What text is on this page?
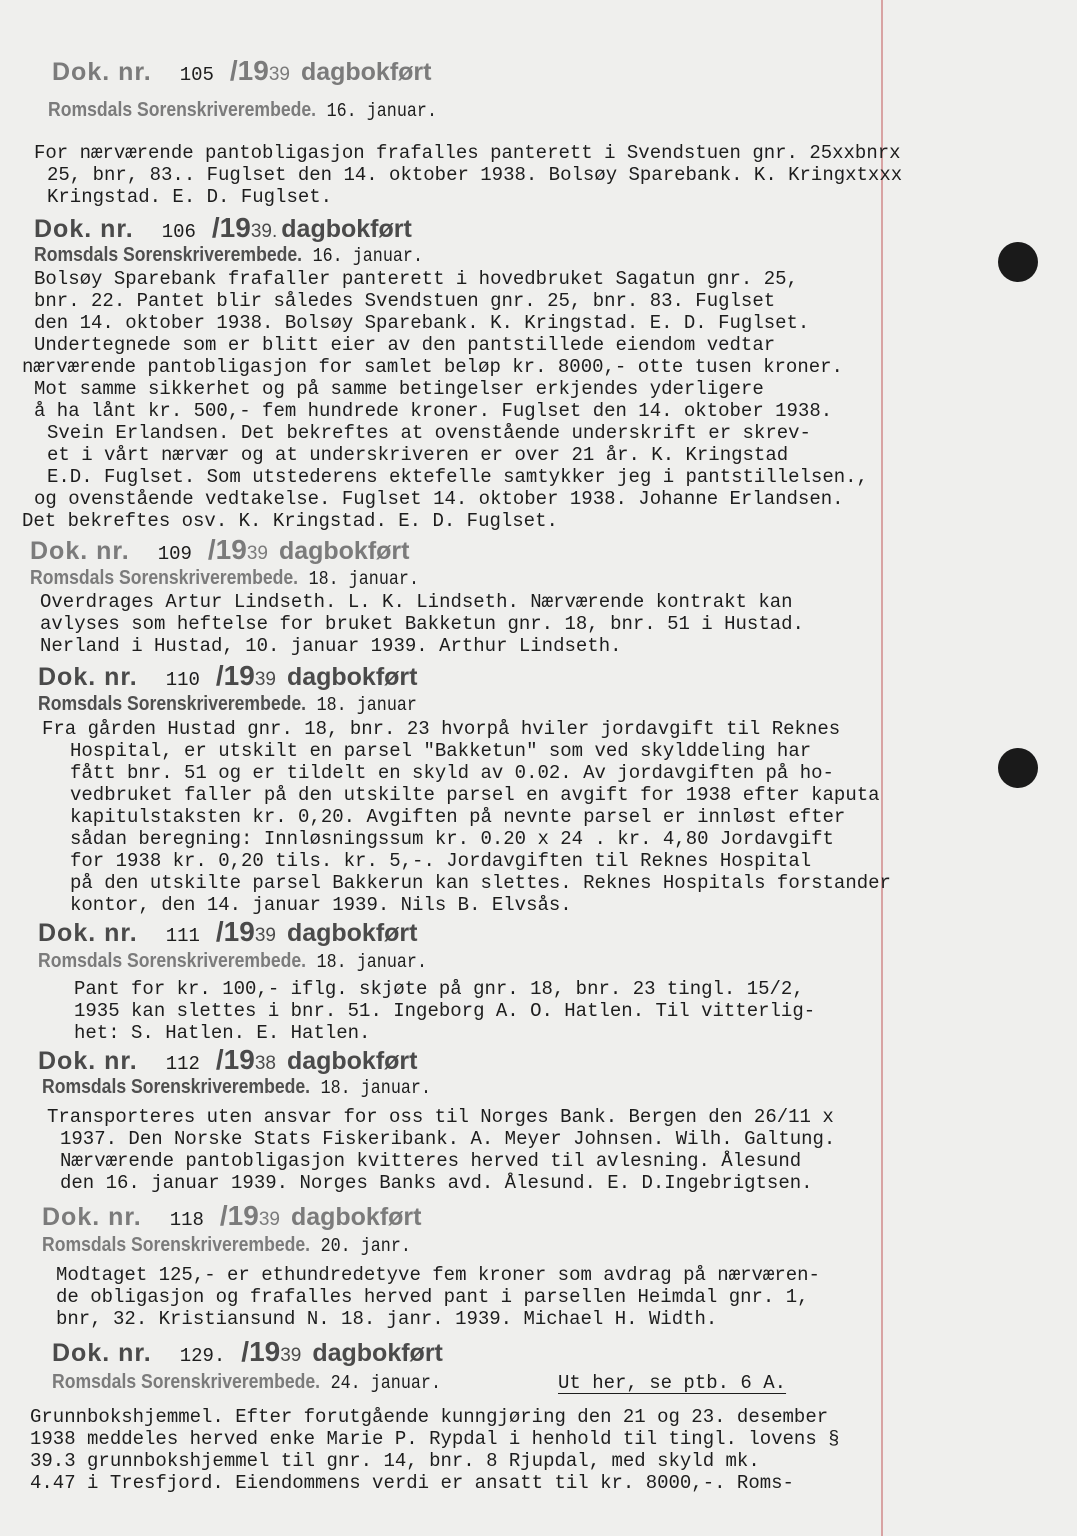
Dok. nr. 105 /1939 dagbokført
Romsdals Sorenskriverembede. 16. januar.
For nærværende pantobligasjon frafalles panterett i Svendstuen gnr. 25xxbnrx
25, bnr, 83.. Fuglset den 14. oktober 1938. Bolsøy Sparebank. K. Kringxtxxx
Kringstad. E. D. Fuglset.
Dok. nr. 106 /1939. dagbokført
Romsdals Sorenskriverembede. 16. januar.
Bolsøy Sparebank frafaller panterett i hovedbruket Sagatun gnr. 25,
bnr. 22. Pantet blir således Svendstuen gnr. 25, bnr. 83. Fuglset
den 14. oktober 1938. Bolsøy Sparebank. K. Kringstad. E. D. Fuglset.
Undertegnede som er blitt eier av den pantstillede eiendom vedtar
nærværende pantobligasjon for samlet beløp kr. 8000,- otte tusen kroner.
Mot samme sikkerhet og på samme betingelser erkjendes yderligere
å ha lånt kr. 500,- fem hundrede kroner. Fuglset den 14. oktober 1938.
Svein Erlandsen. Det bekreftes at ovenstående underskrift er skrev-
et i vårt nærvær og at underskriveren er over 21 år. K. Kringstad
E.D. Fuglset. Som utstederens ektefelle samtykker jeg i pantstillelsen.,
og ovenstående vedtakelse. Fuglset 14. oktober 1938. Johanne Erlandsen.
Det bekreftes osv. K. Kringstad. E. D. Fuglset.
Dok. nr. 109 /1939 dagbokført
Romsdals Sorenskriverembede. 18. januar.
Overdrages Artur Lindseth. L. K. Lindseth. Nærværende kontrakt kan
avlyses som heftelse for bruket Bakketun gnr. 18, bnr. 51 i Hustad.
Nerland i Hustad, 10. januar 1939. Arthur Lindseth.
Dok. nr. 110 /1939 dagbokført
Romsdals Sorenskriverembede. 18. januar
Fra gården Hustad gnr. 18, bnr. 23 hvorpå hviler jordavgift til Reknes
Hospital, er utskilt en parsel "Bakketun" som ved skylddeling har
fått bnr. 51 og er tildelt en skyld av 0.02. Av jordavgiften på ho-
vedbruket faller på den utskilte parsel en avgift for 1938 efter kaputa
kapitulstaksten kr. 0,20. Avgiften på nevnte parsel er innløst efter
sådan beregning: Innløsningssum kr. 0.20 x 24 . kr. 4,80 Jordavgift
for 1938 kr. 0,20 tils. kr. 5,-. Jordavgiften til Reknes Hospital
på den utskilte parsel Bakkerun kan slettes. Reknes Hospitals forstander
kontor, den 14. januar 1939. Nils B. Elvsås.
Dok. nr. 111 /1939 dagbokført
Romsdals Sorenskriverembede. 18. januar.
Pant for kr. 100,- iflg. skjøte på gnr. 18, bnr. 23 tingl. 15/2,
1935 kan slettes i bnr. 51. Ingeborg A. O. Hatlen. Til vitterlig-
het: S. Hatlen. E. Hatlen.
Dok. nr. 112 /1938 dagbokført
Romsdals Sorenskriverembede. 18. januar.
Transporteres uten ansvar for oss til Norges Bank. Bergen den 26/11 x
1937. Den Norske Stats Fiskeribank. A. Meyer Johnsen. Wilh. Galtung.
Nærværende pantobligasjon kvitteres herved til avlesning. Ålesund
den 16. januar 1939. Norges Banks avd. Ålesund. E. D.Ingebrigtsen.
Dok. nr. 118 /1939 dagbokført
Romsdals Sorenskriverembede. 20. janr.
Modtaget 125,- er ethundredetyve fem kroner som avdrag på nærværen-
de obligasjon og frafalles herved pant i parsellen Heimdal gnr. 1,
bnr, 32. Kristiansund N. 18. janr. 1939. Michael H. Width.
Dok. nr. 129. /1939 dagbokført
Romsdals Sorenskriverembede. 24. januar.	Ut her, se ptb. 6 A.
Grunnbokshjemmel. Efter forutgående kunngjøring den 21 og 23. desember
1938 meddeles herved enke Marie P. Rypdal i henhold til tingl. lovens §
39.3 grunnbokshjemmel til gnr. 14, bnr. 8 Rjupdal, med skyld mk.
4.47 i Tresfjord. Eiendommens verdi er ansatt til kr. 8000,-. Roms-
